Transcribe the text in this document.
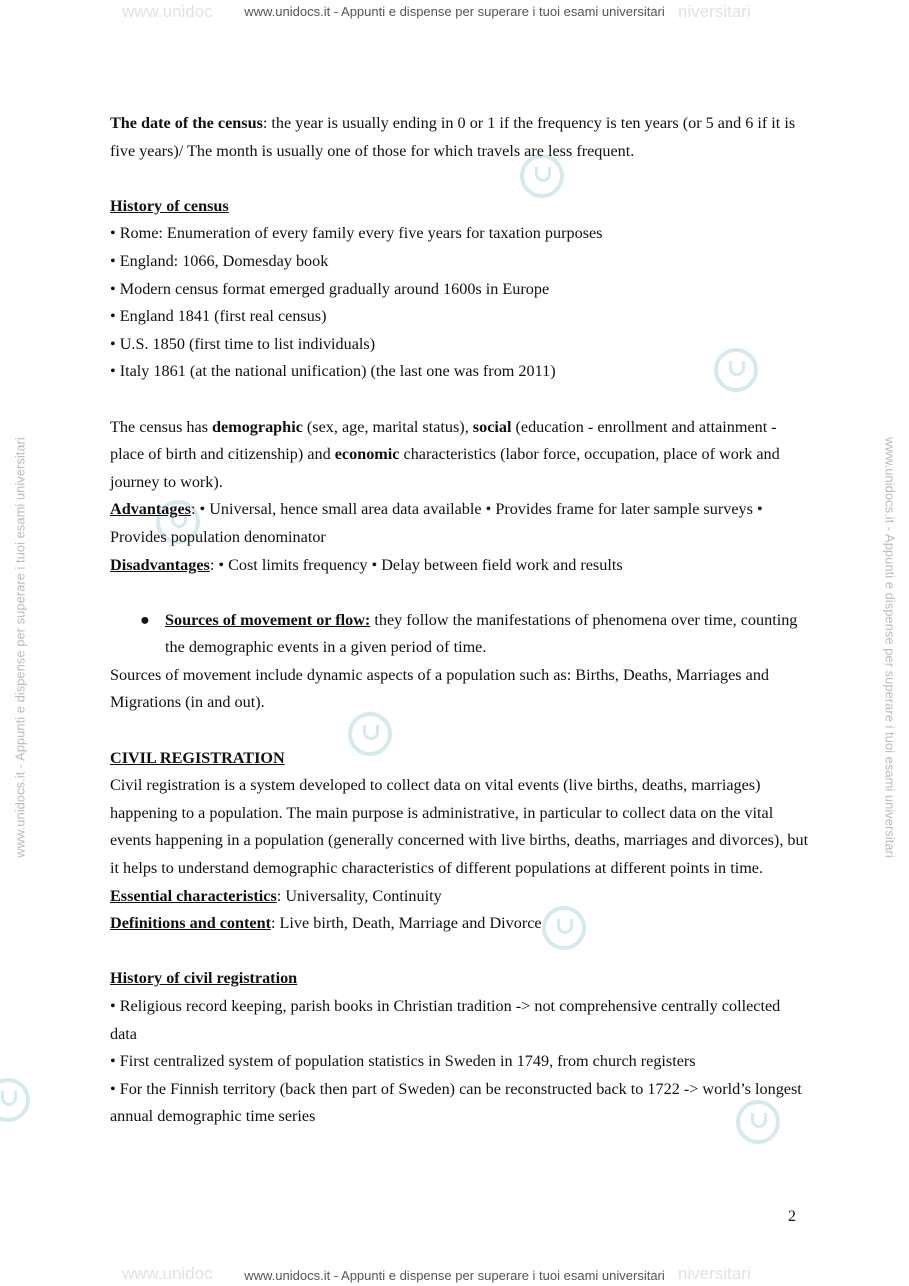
www.unidoc	niversitari
www.unidocs.it - Appunti e dispense per superare i tuoi esami universitari
www.unidocs.it - Appunti e dispense per superare i tuoi esami universitari	www.unidocs.it - Appunti e dispense per superare i tuoi esami universitari

The date of the census: the year is usually ending in 0 or 1 if the frequency is ten years (or 5 and 6 if it is five years)/ The month is usually one of those for which travels are less frequent.

History of census

• Rome: Enumeration of every family every five years for taxation purposes

• England: 1066, Domesday book

• Modern census format emerged gradually around 1600s in Europe

• England 1841 (first real census)

• U.S. 1850 (first time to list individuals)

• Italy 1861 (at the national unification) (the last one was from 2011)

The census has demographic (sex, age, marital status), social (education - enrollment and attainment - place of birth and citizenship) and economic characteristics (labor force, occupation, place of work and journey to work).

Advantages: • Universal, hence small area data available • Provides frame for later sample surveys • Provides population denominator

Disadvantages: • Cost limits frequency • Delay between field work and results

● Sources of movement or flow: they follow the manifestations of phenomena over time, counting the demographic events in a given period of time.

Sources of movement include dynamic aspects of a population such as: Births, Deaths, Marriages and Migrations (in and out).

CIVIL REGISTRATION

Civil registration is a system developed to collect data on vital events (live births, deaths, marriages) happening to a population. The main purpose is administrative, in particular to collect data on the vital events happening in a population (generally concerned with live births, deaths, marriages and divorces), but it helps to understand demographic characteristics of different populations at different points in time.

Essential characteristics: Universality, Continuity

Definitions and content: Live birth, Death, Marriage and Divorce

History of civil registration

• Religious record keeping, parish books in Christian tradition -> not comprehensive centrally collected data

• First centralized system of population statistics in Sweden in 1749, from church registers

• For the Finnish territory (back then part of Sweden) can be reconstructed back to 1722 -> world’s longest annual demographic time series

2
www.unidoc	niversitari
www.unidocs.it - Appunti e dispense per superare i tuoi esami universitari
